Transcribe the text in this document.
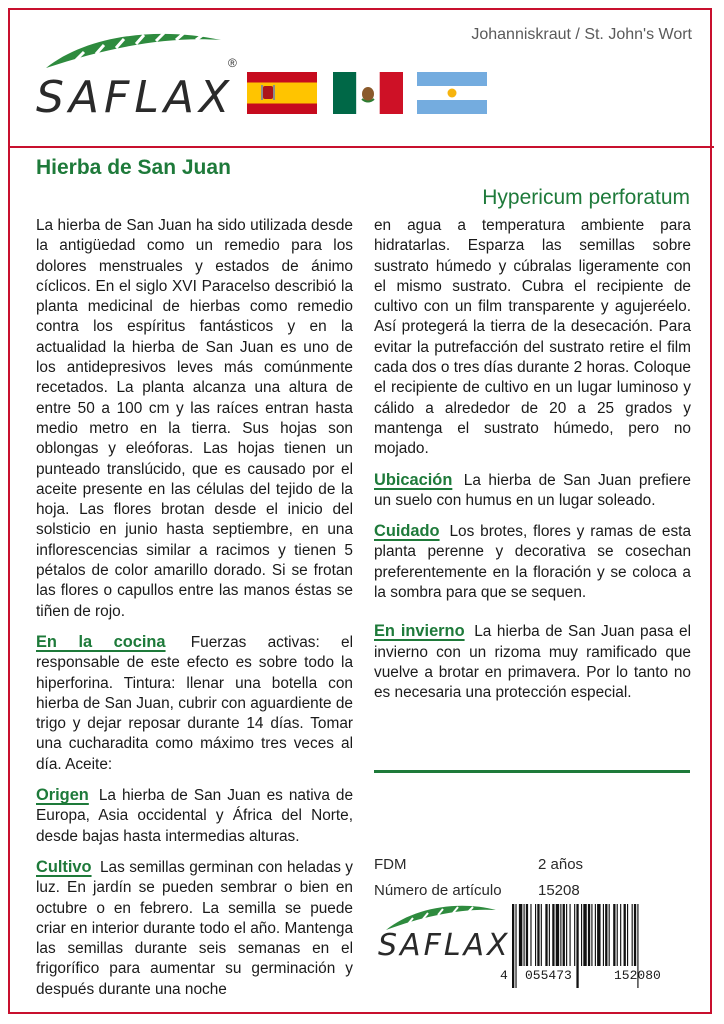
SAFLAX
®
Johanniskraut / St. John's Wort
Hierba de San Juan
Hypericum perforatum

La hierba de San Juan ha sido utilizada desde la antigüedad como un remedio para los dolores menstruales y estados de ánimo cíclicos. En el siglo XVI Paracelso describió la planta medicinal de hierbas como remedio contra los espíritus fantásticos y en la actualidad la hierba de San Juan es uno de los antidepresivos leves más comúnmente recetados. La planta alcanza una altura de entre 50 a 100 cm y las raíces entran hasta medio metro en la tierra. Sus hojas son oblongas y eleóforas. Las hojas tienen un punteado translúcido, que es causado por el aceite presente en las células del tejido de la hoja. Las flores brotan desde el inicio del solsticio en junio hasta septiembre, en una inflorescencias similar a racimos y tienen 5 pétalos de color amarillo dorado. Si se frotan las flores o capullos entre las manos éstas se tiñen de rojo.

En la cocina Fuerzas activas: el responsable de este efecto es sobre todo la hiperforina. Tintura: llenar una botella con hierba de San Juan, cubrir con aguardiente de trigo y dejar reposar durante 14 días. Tomar una cucharadita como máximo tres veces al día. Aceite:

Origen La hierba de San Juan es nativa de Europa, Asia occidental y África del Norte, desde bajas hasta intermedias alturas.

Cultivo Las semillas germinan con heladas y luz. En jardín se pueden sembrar o bien en octubre o en febrero. La semilla se puede criar en interior durante todo el año. Mantenga las semillas durante seis semanas en el frigorífico para aumentar su germinación y después durante una noche

en agua a temperatura ambiente para hidratarlas. Esparza las semillas sobre sustrato húmedo y cúbralas ligeramente con el mismo sustrato. Cubra el recipiente de cultivo con un film transparente y agujeréelo. Así protegerá la tierra de la desecación. Para evitar la putrefacción del sustrato retire el film cada dos o tres días durante 2 horas. Coloque el recipiente de cultivo en un lugar luminoso y cálido a alrededor de 20 a 25 grados y mantenga el sustrato húmedo, pero no mojado.

Ubicación La hierba de San Juan prefiere un suelo con humus en un lugar soleado.

Cuidado Los brotes, flores y ramas de esta planta perenne y decorativa se cosechan preferentemente en la floración y se coloca a la sombra para que se sequen.

En invierno La hierba de San Juan pasa el invierno con un rizoma muy ramificado que vuelve a brotar en primavera. Por lo tanto no es necesaria una protección especial.

FDM	2 años
Número de artículo 15208
SAFLAX
4 055473	152080
